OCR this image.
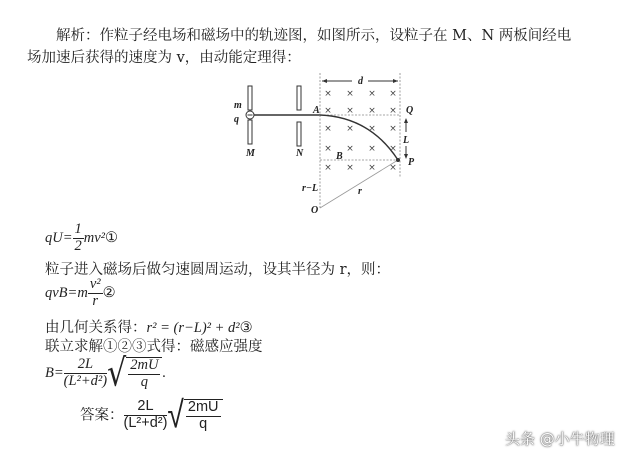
解析：作粒子经电场和磁场中的轨迹图，如图所示，设粒子在 M、N 两板间经电
场加速后获得的速度为 v，由动能定理得：
×
×
×
×
×
×
×
×
×
×
×
×
×
×
×
×
×
×
×
×
m
q
M	N
A
d
Q
L
B
P
r−L	r
O
$qU= \frac{1}{2}$ mv²①
粒子进入磁场后做匀速圆周运动，设其半径为 r，则：
$qvB=m \frac{\text{v²}}{r}$ ②
由几何关系得：r² = (r−L)² + d²③
联立求解①②③式得：磁感应强度
$B= \frac{2L}{\text{(L²+d²)}}$ √ $\frac{2mU}{q}$ .
答案： $\frac{2L}{\text{(L²+d²)}}$ √ $\frac{2mU}{q}$
头条 @小牛物理
